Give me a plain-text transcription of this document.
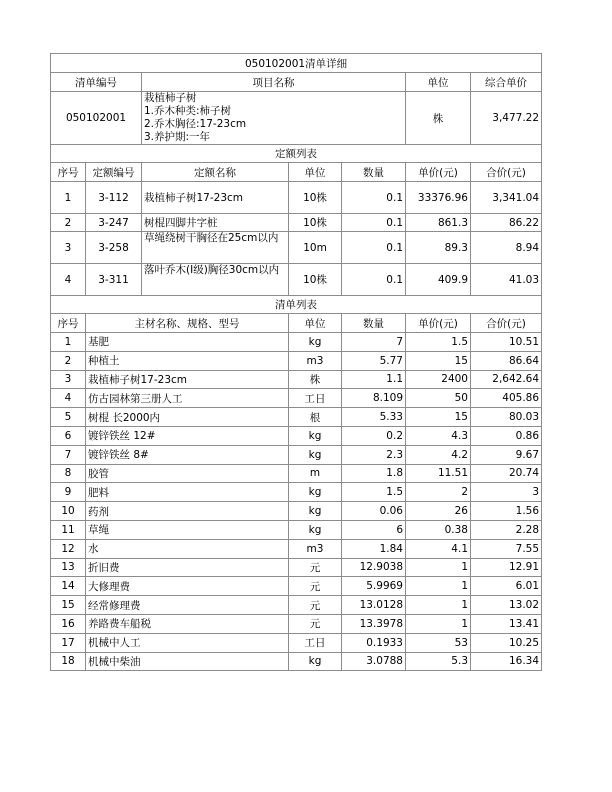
050102001清单详细						
清单编号		项目名称			单位	综合单价
050102001		栽植柿子树
1.乔木种类:柿子树
2.乔木胸径:17-23cm
3.养护期:一年			株	3,477.22
定额列表						
序号	定额编号	定额名称	单位	数量	单价(元)	合价(元)
1	3-112	栽植柿子树17-23cm	10株	0.1	33376.96	3,341.04
2	3-247	树棍四脚井字桩	10株	0.1	861.3	86.22
3	3-258	草绳绕树干胸径在25cm以内	10m	0.1	89.3	8.94
4	3-311	落叶乔木(Ⅰ级)胸径30cm以内	10株	0.1	409.9	41.03
清单列表						
序号	主材名称、规格、型号		单位	数量	单价(元)	合价(元)
1	基肥		kg	7	1.5	10.51
2	种植土		m3	5.77	15	86.64
3	栽植柿子树17-23cm		株	1.1	2400	2,642.64
4	仿古园林第三册人工		工日	8.109	50	405.86
5	树棍 长2000内		根	5.33	15	80.03
6	镀锌铁丝 12#		kg	0.2	4.3	0.86
7	镀锌铁丝 8#		kg	2.3	4.2	9.67
8	胶管		m	1.8	11.51	20.74
9	肥料		kg	1.5	2	3
10	药剂		kg	0.06	26	1.56
11	草绳		kg	6	0.38	2.28
12	水		m3	1.84	4.1	7.55
13	折旧费		元	12.9038	1	12.91
14	大修理费		元	5.9969	1	6.01
15	经常修理费		元	13.0128	1	13.02
16	养路费车船税		元	13.3978	1	13.41
17	机械中人工		工日	0.1933	53	10.25
18	机械中柴油		kg	3.0788	5.3	16.34
